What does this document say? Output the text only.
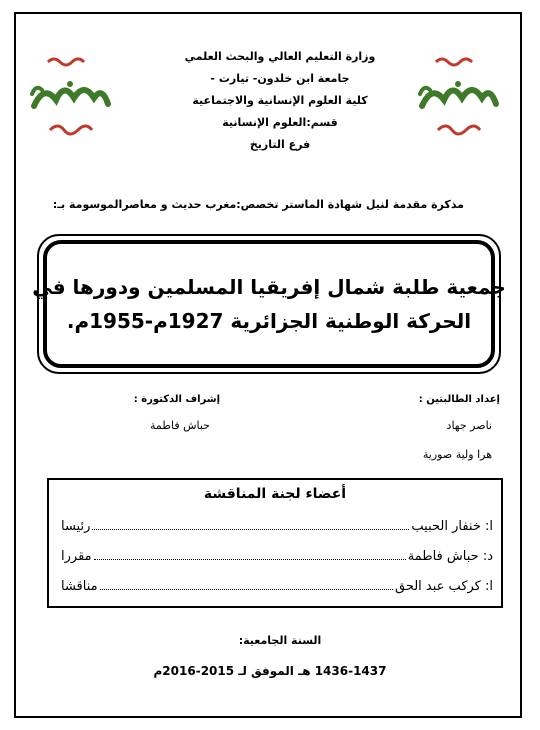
وزارة التعليم العالي والبحث العلمي
جامعة ابن خلدون- تيارت -
كلية العلوم الإنسانية والاجتماعية
قسم:العلوم الإنسانية
فرع التاريخ
مذكرة مقدمة لنيل شهادة الماستر تخصص:مغرب حديث و معاصرالموسومة بـ:
جمعية طلبة شمال إفريقيا المسلمين ودورها في
الحركة الوطنية الجزائرية 1927م-1955م.
إعداد الطالبتين :
إشراف الدكتورة :
ناصر جهاد
هرا ولية صورية
حباش فاطمة
أعضاء لجنة المناقشة
ا: خنفار الحبيب
رئيسا
د: حباش فاطمة
مقررا
ا: كركب عبد الحق
مناقشا
السنة الجامعية:
1436-1437 هـ الموفق لـ 2015-2016م
